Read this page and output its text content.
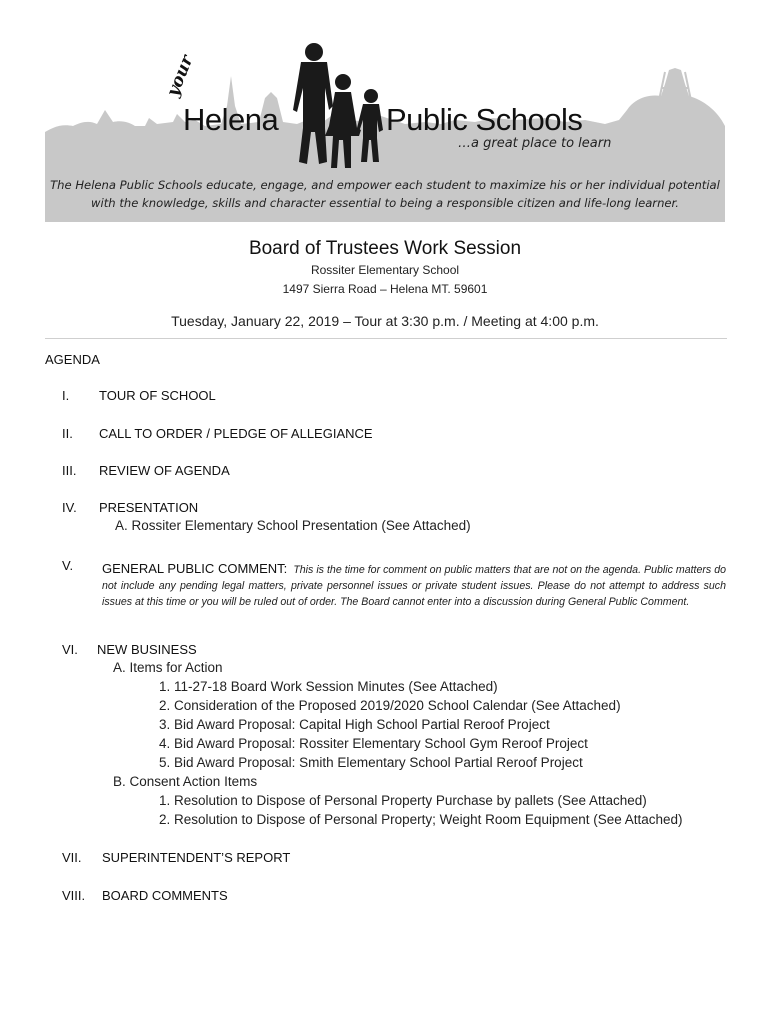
your
Helena	Public Schools
…a great place to learn
The Helena Public Schools educate, engage, and empower each student to maximize his or her individual potential
with the knowledge, skills and character essential to being a responsible citizen and life-long learner.
Board of Trustees Work Session
Rossiter Elementary School
1497 Sierra Road – Helena MT. 59601
Tuesday, January 22, 2019 – Tour at 3:30 p.m. / Meeting at 4:00 p.m.
AGENDA
I. TOUR OF SCHOOL
II. CALL TO ORDER / PLEDGE OF ALLEGIANCE
III. REVIEW OF AGENDA
IV. PRESENTATION
A. Rossiter Elementary School Presentation (See Attached)
V. GENERAL PUBLIC COMMENT: This is the time for comment on public matters that are not on the agenda. Public matters do not include any pending legal matters, private personnel issues or private student issues. Please do not attempt to address such issues at this time or you will be ruled out of order. The Board cannot enter into a discussion during General Public Comment.
VI. NEW BUSINESS
A. Items for Action
1. 11-27-18 Board Work Session Minutes (See Attached)
2. Consideration of the Proposed 2019/2020 School Calendar (See Attached)
3. Bid Award Proposal: Capital High School Partial Reroof Project
4. Bid Award Proposal: Rossiter Elementary School Gym Reroof Project
5. Bid Award Proposal: Smith Elementary School Partial Reroof Project
B. Consent Action Items
1. Resolution to Dispose of Personal Property Purchase by pallets (See Attached)
2. Resolution to Dispose of Personal Property; Weight Room Equipment (See Attached)
VII. SUPERINTENDENT’S REPORT
VIII. BOARD COMMENTS
